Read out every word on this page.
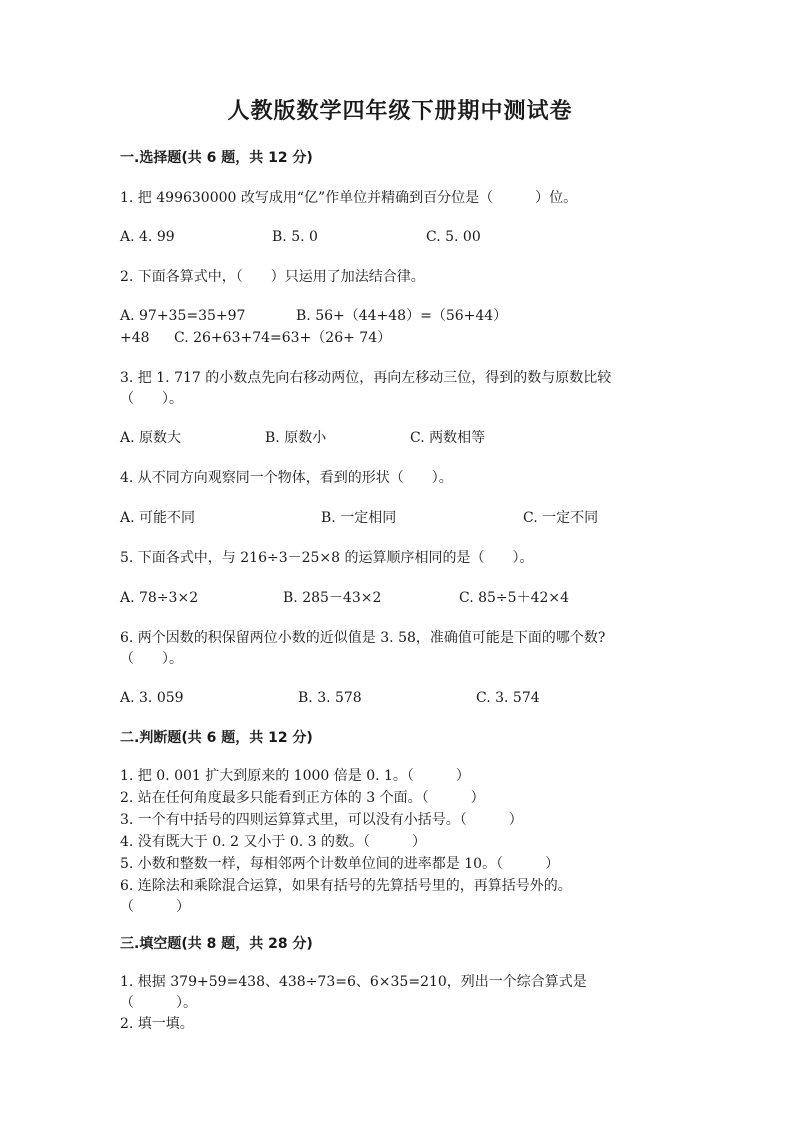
人教版数学四年级下册期中测试卷
一.选择题(共 6 题，共 12 分)
1. 把 499630000 改写成用“亿”作单位并精确到百分位是（　　　）位。
A. 4. 99	B. 5. 0	C. 5. 00
2. 下面各算式中，（　　）只运用了加法结合律。
A. 97+35=35+97	B. 56+（44+48）=（56+44）
+48 C. 26+63+74=63+（26+ 74）
3. 把 1. 717 的小数点先向右移动两位，再向左移动三位，得到的数与原数比较
（　　）。
A. 原数大	B. 原数小	C. 两数相等
4. 从不同方向观察同一个物体，看到的形状（　　）。
A. 可能不同	B. 一定相同	C. 一定不同
5. 下面各式中，与 216÷3－25×8 的运算顺序相同的是（　　）。
A. 78÷3×2	B. 285－43×2	C. 85÷5＋42×4
6. 两个因数的积保留两位小数的近似值是 3. 58，准确值可能是下面的哪个数?
（　　）。
A. 3. 059	B. 3. 578	C. 3. 574
二.判断题(共 6 题，共 12 分)
1. 把 0. 001 扩大到原来的 1000 倍是 0. 1。（　　　）
2. 站在任何角度最多只能看到正方体的 3 个面。（　　　）
3. 一个有中括号的四则运算算式里，可以没有小括号。（　　　）
4. 没有既大于 0. 2 又小于 0. 3 的数。（　　　）
5. 小数和整数一样，每相邻两个计数单位间的进率都是 10。（　　　）
6. 连除法和乘除混合运算，如果有括号的先算括号里的，再算括号外的。
（　　　）
三.填空题(共 8 题，共 28 分)
1. 根据 379+59=438、438÷73=6、6×35=210，列出一个综合算式是
（　　　）。
2. 填一填。
